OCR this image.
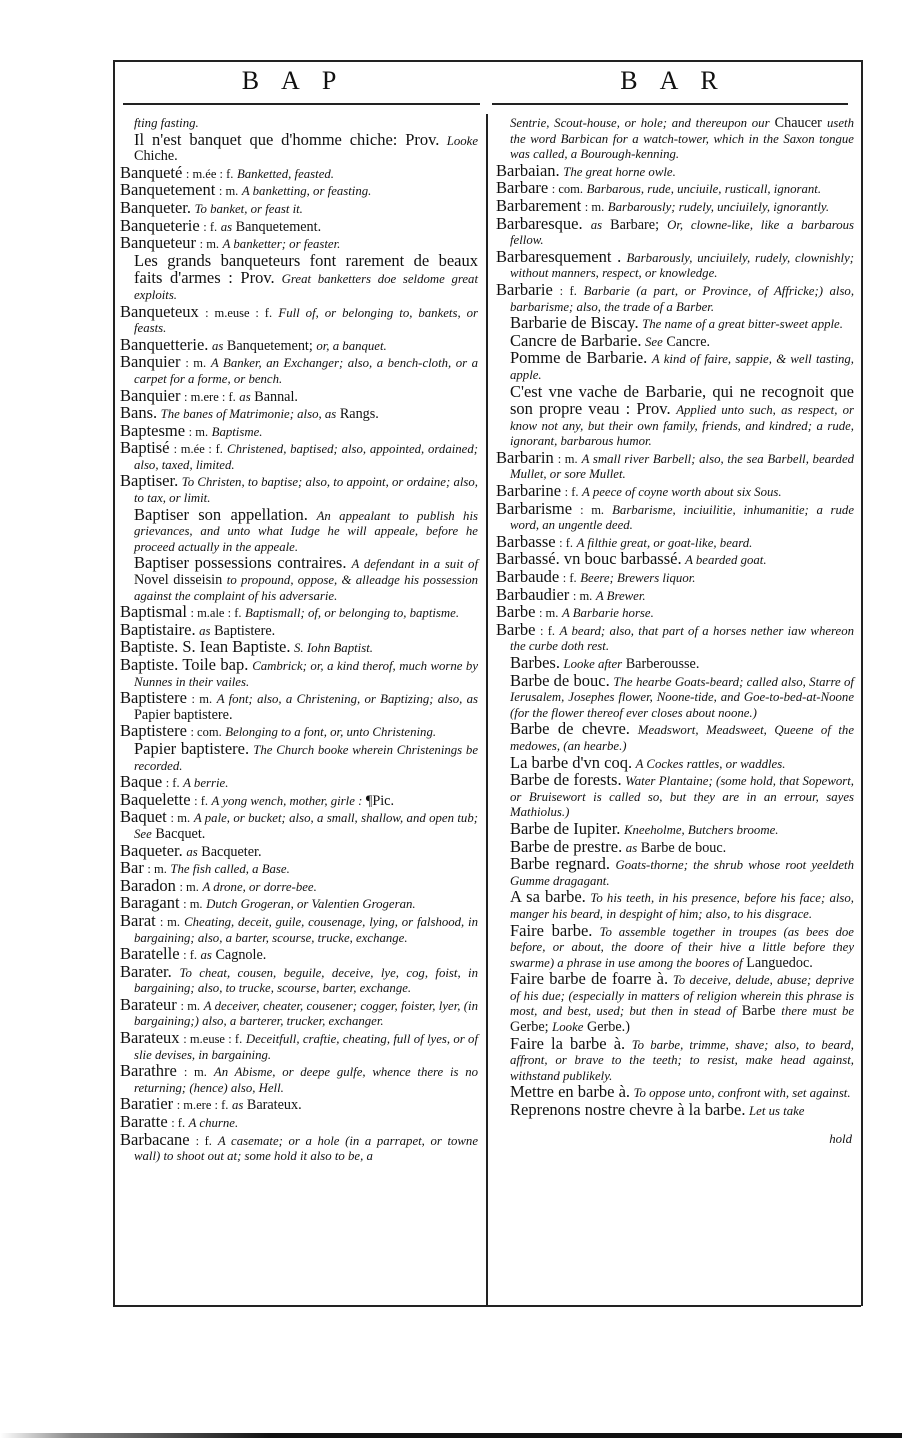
BAP	BAR

fting fasting.

Il n'est banquet que d'homme chiche: Prov. Looke Chiche.

Banqueté : m.ée : f. Banketted, feasted.

Banquetement : m. A banketting, or feasting.

Banqueter. To banket, or feast it.

Banqueterie : f. as Banquetement.

Banqueteur : m. A banketter; or feaster.

Les grands banqueteurs font rarement de beaux faits d'armes : Prov. Great banketters doe seldome great exploits.

Banqueteux : m.euse : f. Full of, or belonging to, bankets, or feasts.

Banquetterie. as Banquetement; or, a banquet.

Banquier : m. A Banker, an Exchanger; also, a bench-cloth, or a carpet for a forme, or bench.

Banquier : m.ere : f. as Bannal.

Bans. The banes of Matrimonie; also, as Rangs.

Baptesme : m. Baptisme.

Baptisé : m.ée : f. Christened, baptised; also, appointed, ordained; also, taxed, limited.

Baptiser. To Christen, to baptise; also, to appoint, or ordaine; also, to tax, or limit.

Baptiser son appellation. An appealant to publish his grievances, and unto what Iudge he will appeale, before he proceed actually in the appeale.

Baptiser possessions contraires. A defendant in a suit of Novel disseisin to propound, oppose, & alleadge his possession against the complaint of his adversarie.

Baptismal : m.ale : f. Baptismall; of, or belonging to, baptisme.

Baptistaire. as Baptistere.

Baptiste. S. Iean Baptiste. S. Iohn Baptist.

Baptiste. Toile bap. Cambrick; or, a kind therof, much worne by Nunnes in their vailes.

Baptistere : m. A font; also, a Christening, or Baptizing; also, as Papier baptistere.

Baptistere : com. Belonging to a font, or, unto Christening.

Papier baptistere. The Church booke wherein Christenings be recorded.

Baque : f. A berrie.

Baquelette : f. A yong wench, mother, girle : ¶Pic.

Baquet : m. A pale, or bucket; also, a small, shallow, and open tub; See Bacquet.

Baqueter. as Bacqueter.

Bar : m. The fish called, a Base.

Baradon : m. A drone, or dorre-bee.

Baragant : m. Dutch Grogeran, or Valentien Grogeran.

Barat : m. Cheating, deceit, guile, cousenage, lying, or falshood, in bargaining; also, a barter, scourse, trucke, exchange.

Baratelle : f. as Cagnole.

Barater. To cheat, cousen, beguile, deceive, lye, cog, foist, in bargaining; also, to trucke, scourse, barter, exchange.

Barateur : m. A deceiver, cheater, cousener; cogger, foister, lyer, (in bargaining;) also, a barterer, trucker, exchanger.

Barateux : m.euse : f. Deceitfull, craftie, cheating, full of lyes, or of slie devises, in bargaining.

Barathre : m. An Abisme, or deepe gulfe, whence there is no returning; (hence) also, Hell.

Baratier : m.ere : f. as Barateux.

Baratte : f. A churne.

Barbacane : f. A casemate; or a hole (in a parrapet, or towne wall) to shoot out at; some hold it also to be, a

Sentrie, Scout-house, or hole; and thereupon our Chaucer useth the word Barbican for a watch-tower, which in the Saxon tongue was called, a Bourough-kenning.

Barbaian. The great horne owle.

Barbare : com. Barbarous, rude, unciuile, rusticall, ignorant.

Barbarement : m. Barbarously; rudely, unciuilely, ignorantly.

Barbaresque. as Barbare; Or, clowne-like, like a barbarous fellow.

Barbaresquement . Barbarously, unciuilely, rudely, clownishly; without manners, respect, or knowledge.

Barbarie : f. Barbarie (a part, or Province, of Affricke;) also, barbarisme; also, the trade of a Barber.

Barbarie de Biscay. The name of a great bitter-sweet apple.

Cancre de Barbarie. See Cancre.

Pomme de Barbarie. A kind of faire, sappie, & well tasting, apple.

C'est vne vache de Barbarie, qui ne recognoit que son propre veau : Prov. Applied unto such, as respect, or know not any, but their own family, friends, and kindred; a rude, ignorant, barbarous humor.

Barbarin : m. A small river Barbell; also, the sea Barbell, bearded Mullet, or sore Mullet.

Barbarine : f. A peece of coyne worth about six Sous.

Barbarisme : m. Barbarisme, inciuilitie, inhumanitie; a rude word, an ungentle deed.

Barbasse : f. A filthie great, or goat-like, beard.

Barbassé. vn bouc barbassé. A bearded goat.

Barbaude : f. Beere; Brewers liquor.

Barbaudier : m. A Brewer.

Barbe : m. A Barbarie horse.

Barbe : f. A beard; also, that part of a horses nether iaw whereon the curbe doth rest.

Barbes. Looke after Barberousse.

Barbe de bouc. The hearbe Goats-beard; called also, Starre of Ierusalem, Josephes flower, Noone-tide, and Goe-to-bed-at-Noone (for the flower thereof ever closes about noone.)

Barbe de chevre. Meadswort, Meadsweet, Queene of the medowes, (an hearbe.)

La barbe d'vn coq. A Cockes rattles, or waddles.

Barbe de forests. Water Plantaine; (some hold, that Sopewort, or Bruisewort is called so, but they are in an errour, sayes Mathiolus.)

Barbe de Iupiter. Kneeholme, Butchers broome.

Barbe de prestre. as Barbe de bouc.

Barbe regnard. Goats-thorne; the shrub whose root yeeldeth Gumme dragagant.

A sa barbe. To his teeth, in his presence, before his face; also, manger his beard, in despight of him; also, to his disgrace.

Faire barbe. To assemble together in troupes (as bees doe before, or about, the doore of their hive a little before they swarme) a phrase in use among the boores of Languedoc.

Faire barbe de foarre à. To deceive, delude, abuse; deprive of his due; (especially in matters of religion wherein this phrase is most, and best, used; but then in stead of Barbe there must be Gerbe; Looke Gerbe.)

Faire la barbe à. To barbe, trimme, shave; also, to beard, affront, or brave to the teeth; to resist, make head against, withstand publikely.

Mettre en barbe à. To oppose unto, confront with, set against.

Reprenons nostre chevre à la barbe. Let us take

hold
